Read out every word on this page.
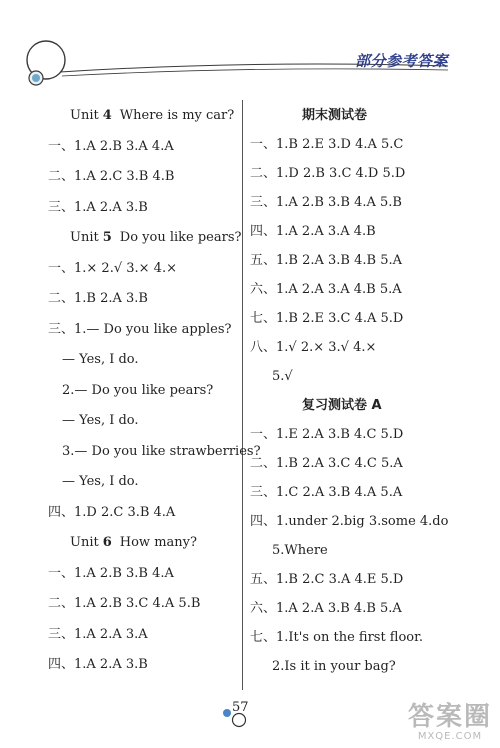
部分参考答案
Unit 4 Where is my car?
一、1.A 2.B 3.A 4.A
二、1.A 2.C 3.B 4.B
三、1.A 2.A 3.B
Unit 5 Do you like pears?
一、1.× 2.√ 3.× 4.×
二、1.B 2.A 3.B
三、1.— Do you like apples?
— Yes, I do.
2.— Do you like pears?
— Yes, I do.
3.— Do you like strawberries?
— Yes, I do.
四、1.D 2.C 3.B 4.A
Unit 6 How many?
一、1.A 2.B 3.B 4.A
二、1.A 2.B 3.C 4.A 5.B
三、1.A 2.A 3.A
四、1.A 2.A 3.B
期末测试卷
一、1.B 2.E 3.D 4.A 5.C
二、1.D 2.B 3.C 4.D 5.D
三、1.A 2.B 3.B 4.A 5.B
四、1.A 2.A 3.A 4.B
五、1.B 2.A 3.B 4.B 5.A
六、1.A 2.A 3.A 4.B 5.A
七、1.B 2.E 3.C 4.A 5.D
八、1.√ 2.× 3.√ 4.×
5.√
复习测试卷 A
一、1.E 2.A 3.B 4.C 5.D
二、1.B 2.A 3.C 4.C 5.A
三、1.C 2.A 3.B 4.A 5.A
四、1.under 2.big 3.some 4.do
5.Where
五、1.B 2.C 3.A 4.E 5.D
六、1.A 2.A 3.B 4.B 5.A
七、1.It's on the first floor.
2.Is it in your bag?
57	答案圈
MXQE.COM
